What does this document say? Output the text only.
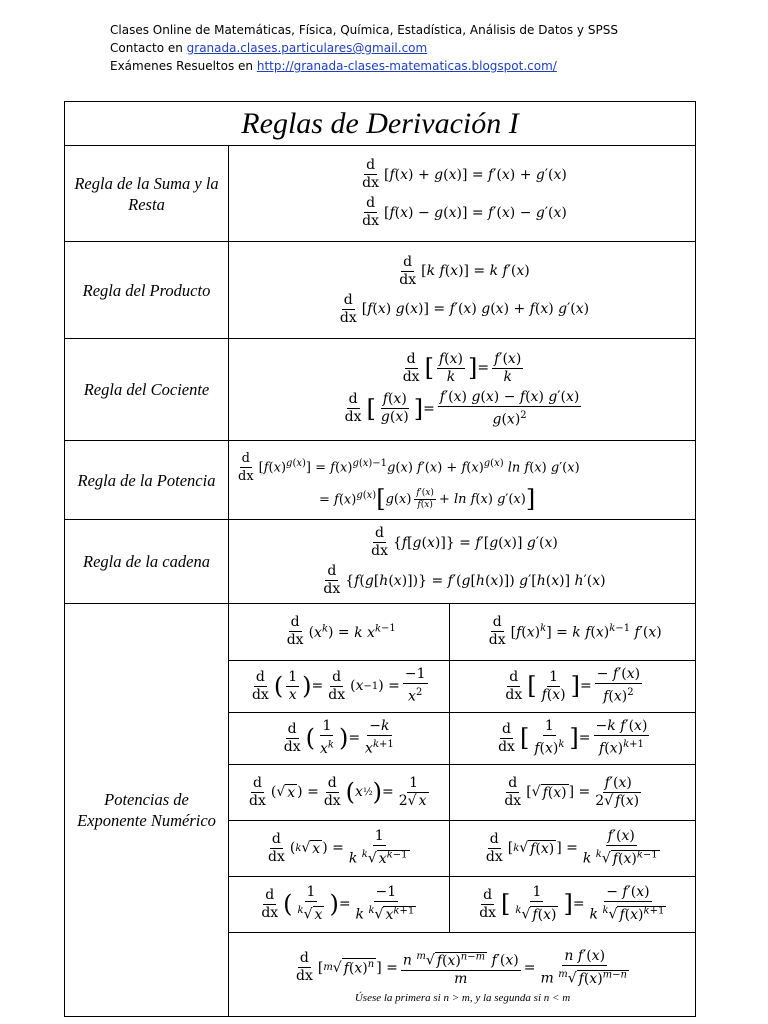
Clases Online de Matemáticas, Física, Química, Estadística, Análisis de Datos y SPSS
Contacto en granada.clases.particulares@gmail.com
Exámenes Resueltos en http://granada-clases-matematicas.blogspot.com/
Reglas de Derivación I
Regla de la Suma y la Resta	
$\frac{d}{dx} [f(x) + g(x)] = f'(x) + g'(x)$
$\frac{d}{dx} [f(x) - g(x)] = f'(x) - g'(x)$

Regla del Producto	
$\frac{d}{dx} [k$ f(x)] = k f′(x)
$\frac{d}{dx} [f(x) g(x)] = f'(x) g(x) + f(x)$ g′(x)

Regla del Cociente	
$\frac{d}{dx}$ [ $\frac{f(x)}{k}$ ] = $\frac{f'(x)}{k}$
$\frac{d}{dx}$ [ $\frac{f(x)}{g(x)}$ ] = $\frac{f'(x) g(x) - f(x) g'(x)}{g(x)^2}$

Regla de la Potencia	$\frac{d}{dx} [f(x)^{g(x)}] = f(x)^{g(x)-1}g(x) f'(x) + f(x)^{g(x)}$ ln f(x) g′(x)
= $f(x)^{g(x)}$ [ $g(x) \frac{f'(x)}{f(x)} + \ln f(x)$ g′(x) ]

Regla de la cadena	
$\frac{d}{dx} \{f[g(x)]\} = f'[g(x)]$ g′(x)
$\frac{d}{dx} \{f(g[h(x)])\} = f'(g[h(x)])$ g′[h(x)] h′(x)

Potencias de Exponente Numérico	
$\frac{d}{dx} (x^k) = k$ $x^{k-1}$	$\frac{d}{dx} [f(x)^k] = k$ $f(x)^{k-1}$ f′(x)

$\frac{d}{dx}$ ( $\frac{1}{x}$ ) = $\frac{d}{dx}$ ( x −1 ) = $\frac{-1}{x^2}$	$\frac{d}{dx}$ [ $\frac{1}{f(x)}$ ] = $\frac{- f'(x)}{f(x)^2}$

$\frac{d}{dx}$ ( $\frac{1}{x^k}$ ) = $\frac{-k}{x^{k+1}}$	$\frac{d}{dx}$ [ $\frac{1}{f(x)^k}$ ] = $\frac{\text{−k f′(x)}}{f(x)^{k+1}}$

$\frac{d}{dx}$ (√ x ) = $\frac{d}{dx}$ ( x ½ ) = $\frac{1}{2√ x}$	$\frac{d}{dx}$ [√ f(x) ] = $\frac{f'(x)}{2√ f(x)}$

$\frac{d}{dx}$ ( k √ x ) = $\frac{1}{k ^k√ x^{k-1}}$	$\frac{d}{dx}$ [ k √ f(x) ] = $\frac{f'(x)}{k ^k√ f(x)^{k-1}}$

$\frac{d}{dx}$ ( $\frac{1}{^k√ x}$ ) = $\frac{-1}{k ^k√ x^{k+1}}$	$\frac{d}{dx}$ [ $\frac{1}{^k√ f(x)}$ ] = $\frac{- f'(x)}{k ^k√ f(x)^{k+1}}$

$\frac{d}{dx}$ [ m √ $f(x)^n$ ] = $\frac{n ^m√ f(x)^{n-m} f'(x)}{m} = \frac{\text{n f′(x)}}{m ^m√ f(x)^{m-n}}$
Úsese la primera si n > m, y la segunda si n < m
